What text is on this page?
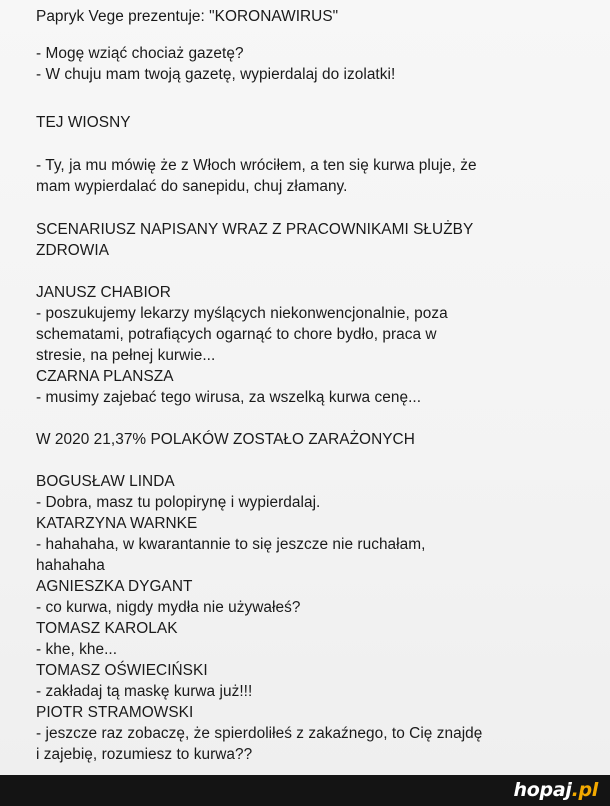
Papryk Vege prezentuje: "KORONAWIRUS"
- Mogę wziąć chociaż gazetę?
- W chuju mam twoją gazetę, wypierdalaj do izolatki!
TEJ WIOSNY
- Ty, ja mu mówię że z Włoch wróciłem, a ten się kurwa pluje, że
mam wypierdalać do sanepidu, chuj złamany.
SCENARIUSZ NAPISANY WRAZ Z PRACOWNIKAMI SŁUŻBY
ZDROWIA
JANUSZ CHABIOR
- poszukujemy lekarzy myślących niekonwencjonalnie, poza
schematami, potrafiących ogarnąć to chore bydło, praca w
stresie, na pełnej kurwie...
CZARNA PLANSZA
- musimy zajebać tego wirusa, za wszelką kurwa cenę...
W 2020 21,37% POLAKÓW ZOSTAŁO ZARAŻONYCH
BOGUSŁAW LINDA
- Dobra, masz tu polopirynę i wypierdalaj.
KATARZYNA WARNKE
- hahahaha, w kwarantannie to się jeszcze nie ruchałam,
hahahaha
AGNIESZKA DYGANT
- co kurwa, nigdy mydła nie używałeś?
TOMASZ KAROLAK
- khe, khe...
TOMASZ OŚWIECIŃSKI
- zakładaj tą maskę kurwa już!!!
PIOTR STRAMOWSKI
- jeszcze raz zobaczę, że spierdoliłeś z zakaźnego, to Cię znajdę
i zajebię, rozumiesz to kurwa??
hopaj.pl
